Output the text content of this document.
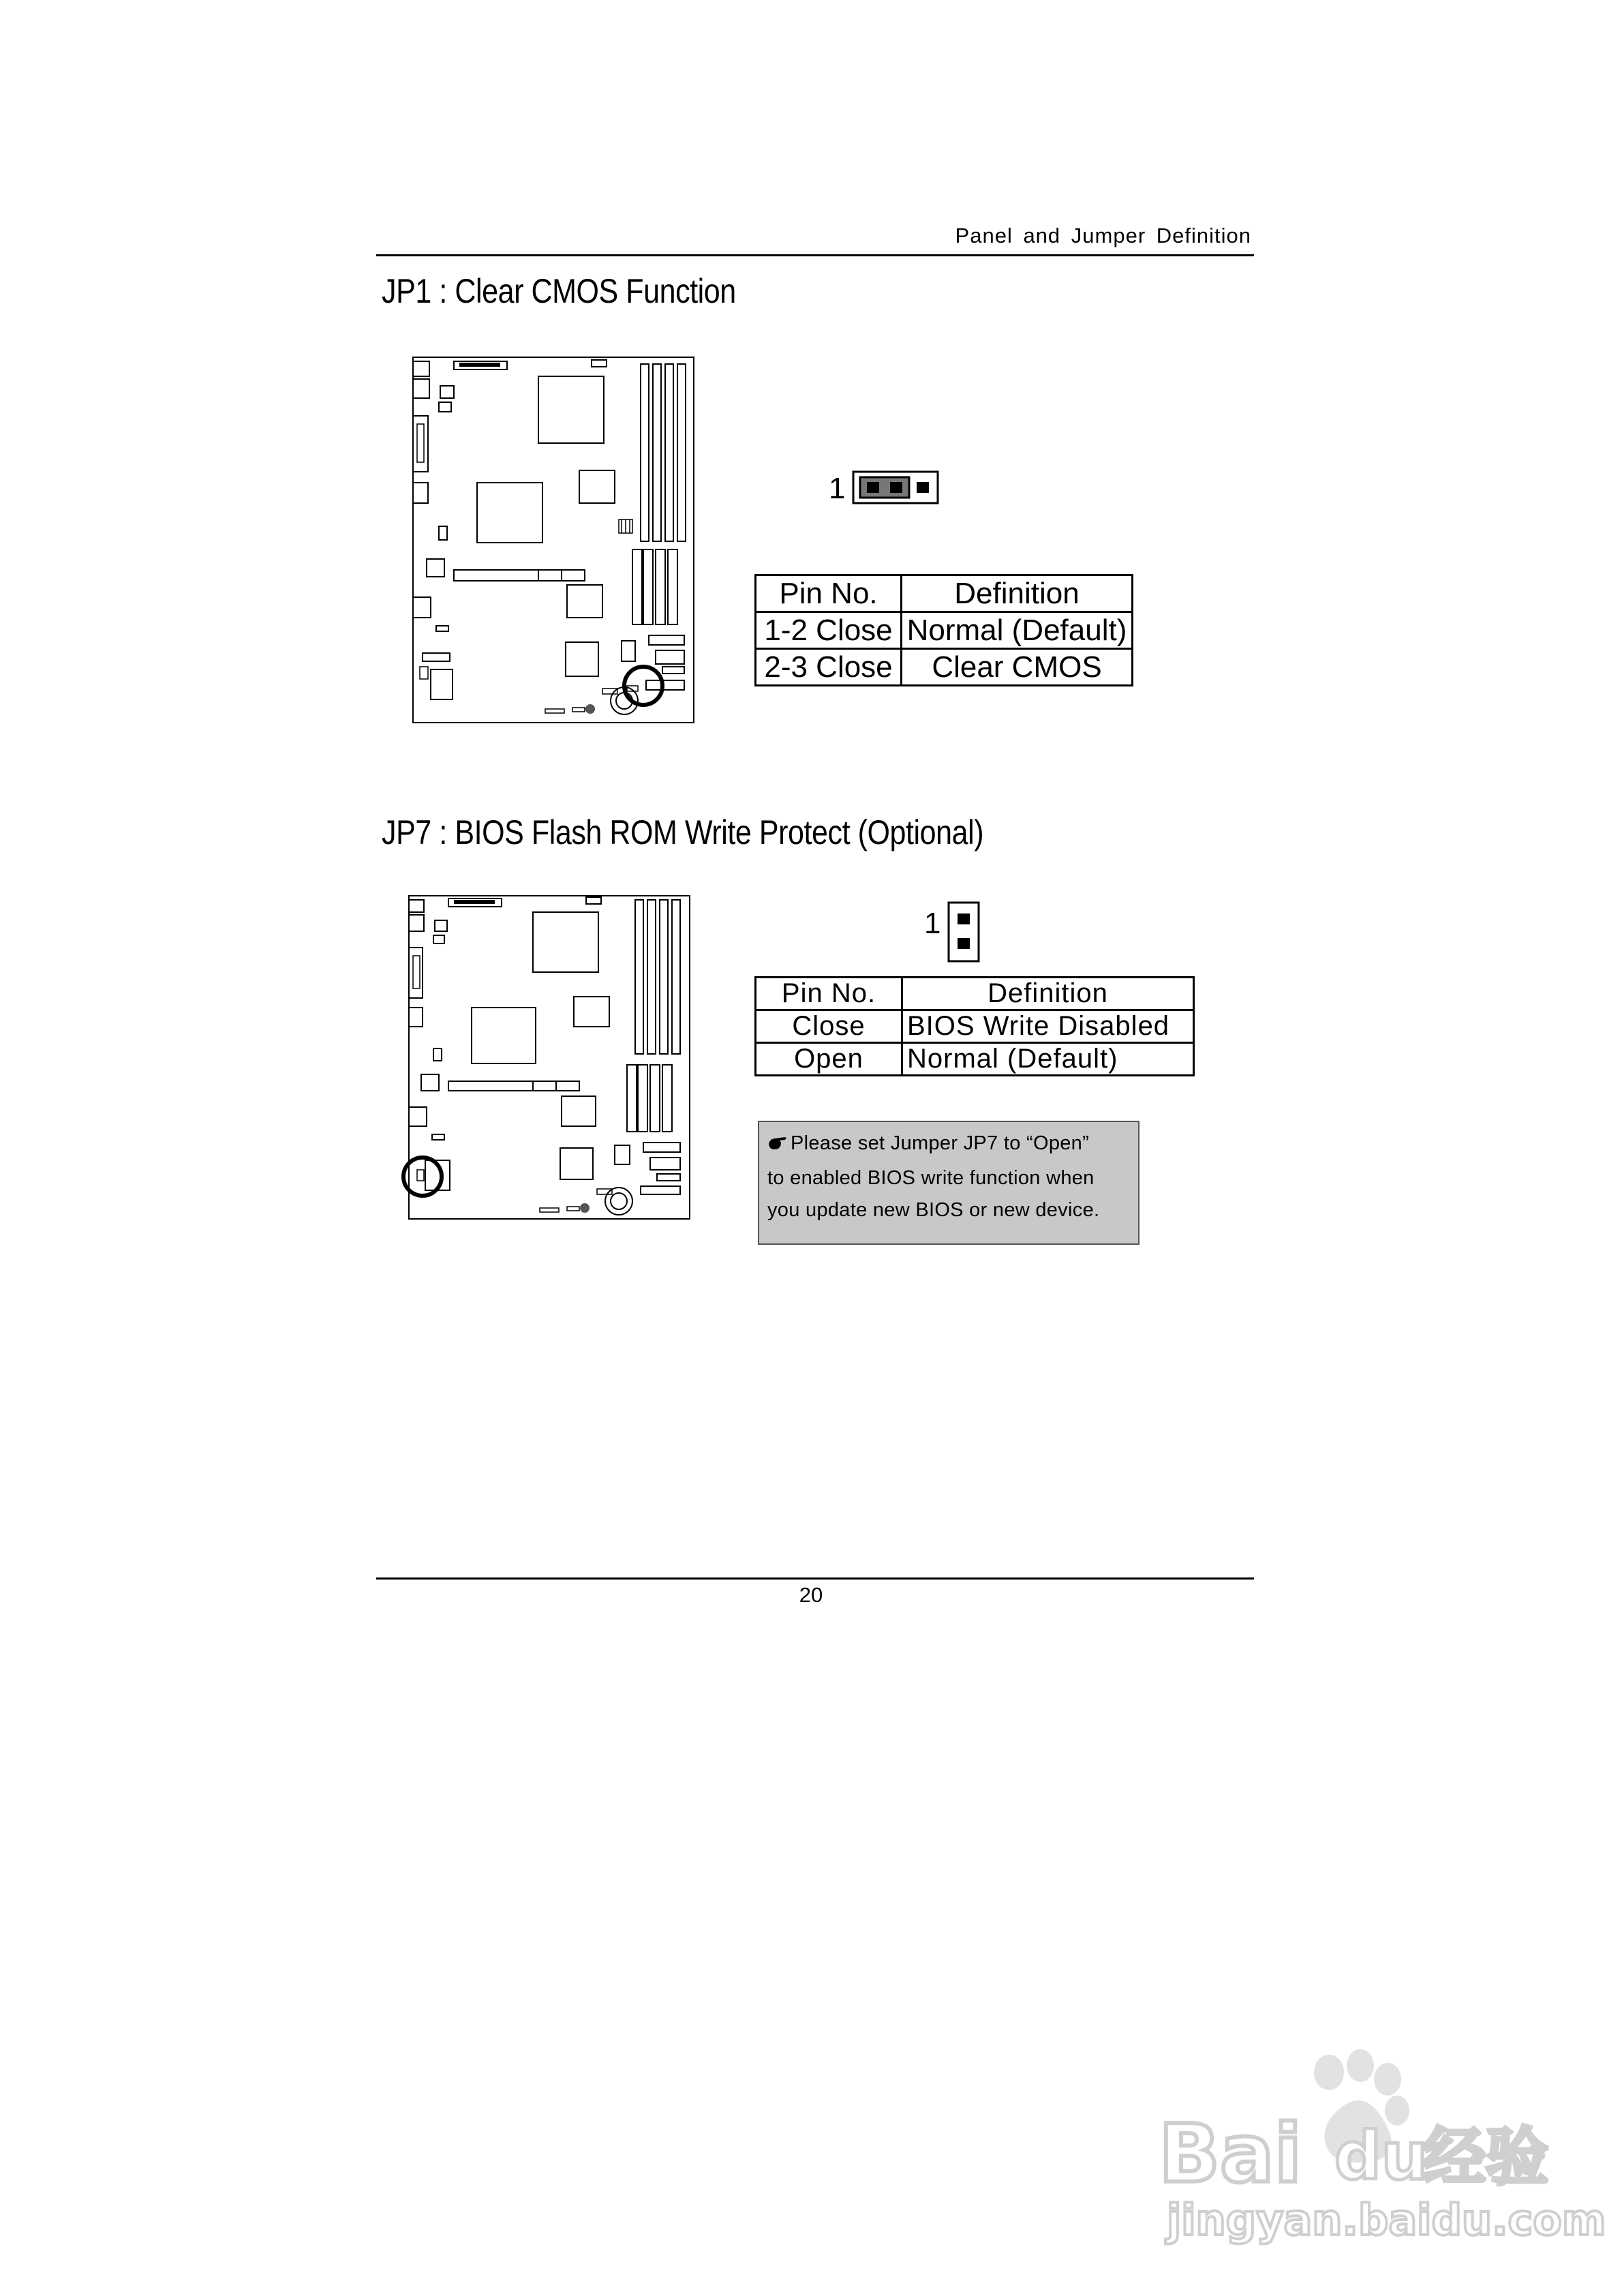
Panel and Jumper Definition
JP1 : Clear CMOS Function
1
Pin No.	Definition
1-2 Close	Normal (Default)
2-3 Close	Clear CMOS
JP7 : BIOS Flash ROM Write Protect (Optional)
1
Pin No.	Definition
Close	BIOS Write Disabled
Open	Normal (Default)
Please set Jumper JP7 to “Open”
to enabled BIOS write function when
you update new BIOS or new device.
20
Bai du
经验
jingyan.baidu.com
